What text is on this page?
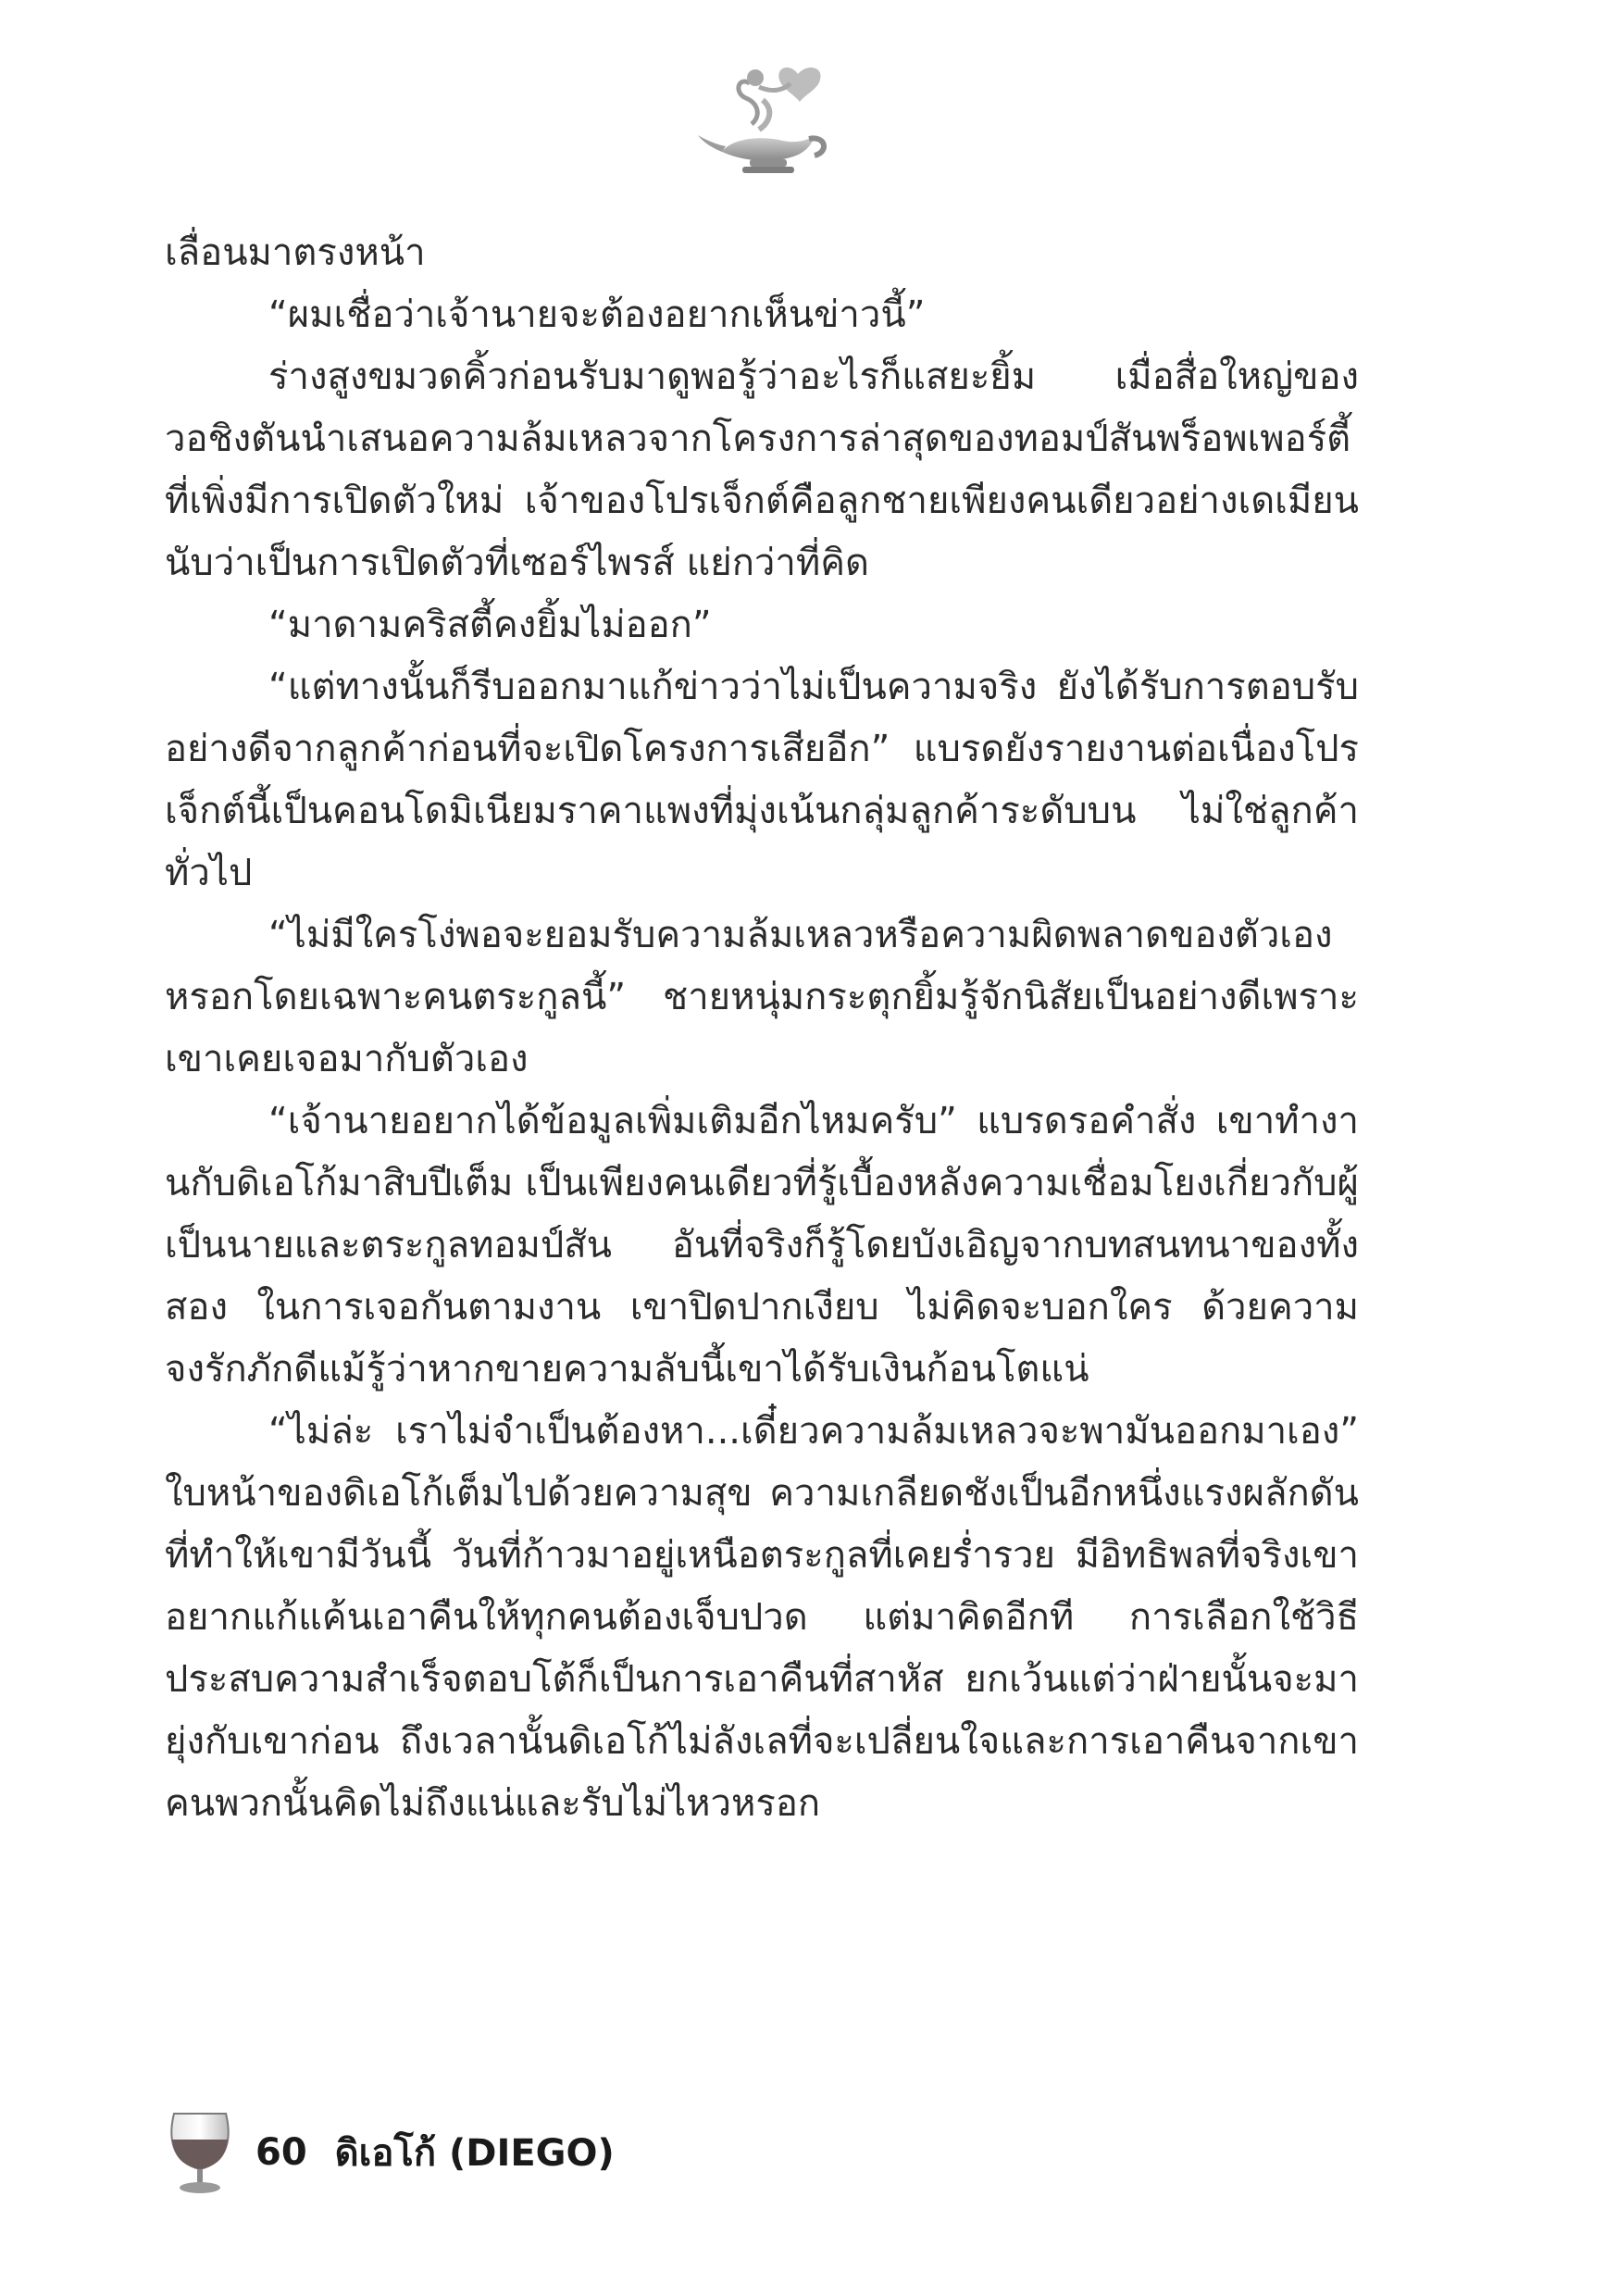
เลื่อนมาตรงหน้า

“ผมเชื่อว่าเจ้านายจะต้องอยากเห็นข่าวนี้”

ร่างสูงขมวดคิ้วก่อนรับมาดูพอรู้ว่าอะไรก็แสยะยิ้ม เมื่อสื่อใหญ่ของวอชิงตันนำเสนอความล้มเหลวจากโครงการล่าสุดของทอมป์สันพร็อพเพอร์ตี้ที่เพิ่งมีการเปิดตัวใหม่ เจ้าของโปรเจ็กต์คือลูกชายเพียงคนเดียวอย่างเดเมียน นับว่าเป็นการเปิดตัวที่เซอร์ไพรส์ แย่กว่าที่คิด

“มาดามคริสตี้คงยิ้มไม่ออก”

“แต่ทางนั้นก็รีบออกมาแก้ข่าวว่าไม่เป็นความจริง ยังได้รับการตอบรับอย่างดีจากลูกค้าก่อนที่จะเปิดโครงการเสียอีก” แบรดยังรายงานต่อเนื่องโปรเจ็กต์นี้เป็นคอนโดมิเนียมราคาแพงที่มุ่งเน้นกลุ่มลูกค้าระดับบน ไม่ใช่ลูกค้าทั่วไป

“ไม่มีใครโง่พอจะยอมรับความล้มเหลวหรือความผิดพลาดของตัวเองหรอกโดยเฉพาะคนตระกูลนี้” ชายหนุ่มกระตุกยิ้มรู้จักนิสัยเป็นอย่างดีเพราะเขาเคยเจอมากับตัวเอง

“เจ้านายอยากได้ข้อมูลเพิ่มเติมอีกไหมครับ” แบรดรอคำสั่ง เขาทำงานกับดิเอโก้มาสิบปีเต็ม เป็นเพียงคนเดียวที่รู้เบื้องหลังความเชื่อมโยงเกี่ยวกับผู้เป็นนายและตระกูลทอมป์สัน อันที่จริงก็รู้โดยบังเอิญจากบทสนทนาของทั้งสอง ในการเจอกันตามงาน เขาปิดปากเงียบ ไม่คิดจะบอกใคร ด้วยความจงรักภักดีแม้รู้ว่าหากขายความลับนี้เขาได้รับเงินก้อนโตแน่

“ไม่ล่ะ เราไม่จำเป็นต้องหา...เดี๋ยวความล้มเหลวจะพามันออกมาเอง” ใบหน้าของดิเอโก้เต็มไปด้วยความสุข ความเกลียดชังเป็นอีกหนึ่งแรงผลักดันที่ทำให้เขามีวันนี้ วันที่ก้าวมาอยู่เหนือตระกูลที่เคยร่ำรวย มีอิทธิพลที่จริงเขาอยากแก้แค้นเอาคืนให้ทุกคนต้องเจ็บปวด แต่มาคิดอีกที การเลือกใช้วิธีประสบความสำเร็จตอบโต้ก็เป็นการเอาคืนที่สาหัส ยกเว้นแต่ว่าฝ่ายนั้นจะมายุ่งกับเขาก่อน ถึงเวลานั้นดิเอโก้ไม่ลังเลที่จะเปลี่ยนใจและการเอาคืนจากเขา คนพวกนั้นคิดไม่ถึงแน่และรับไม่ไหวหรอก

60 ดิเอโก้ (DIEGO)
